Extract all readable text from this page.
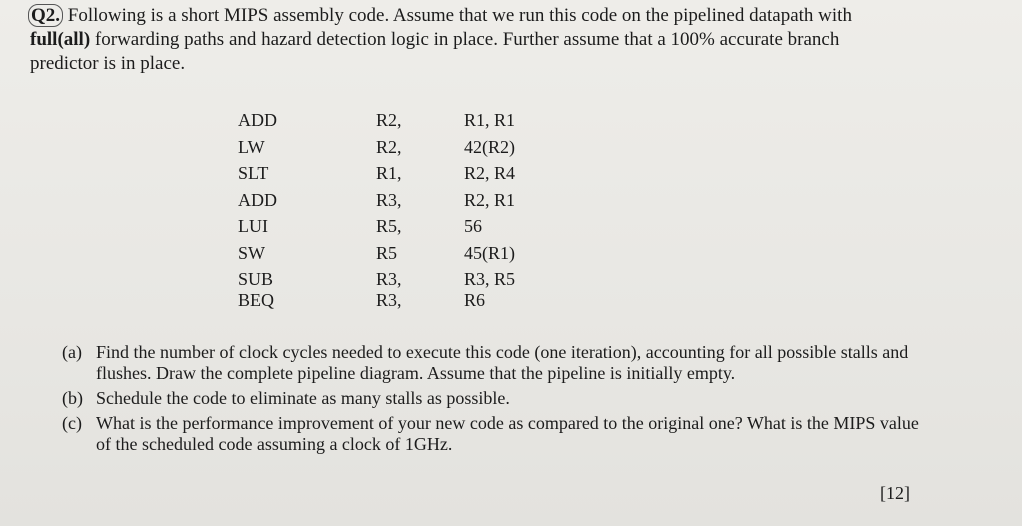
Q2. Following is a short MIPS assembly code. Assume that we run this code on the pipelined datapath with full(all) forwarding paths and hazard detection logic in place. Further assume that a 100% accurate branch predictor is in place.

ADD	R2,	R1, R1
LW	R2,	42(R2)
SLT	R1,	R2, R4
ADD	R3,	R2, R1
LUI	R5,	56
SW	R5	45(R1)
SUB	R3,	R3, R5
BEQ	R3,	R6

(a) Find the number of clock cycles needed to execute this code (one iteration), accounting for all possible stalls and flushes. Draw the complete pipeline diagram. Assume that the pipeline is initially empty.

(b) Schedule the code to eliminate as many stalls as possible.

(c) What is the performance improvement of your new code as compared to the original one? What is the MIPS value of the scheduled code assuming a clock of 1GHz.

[12]
